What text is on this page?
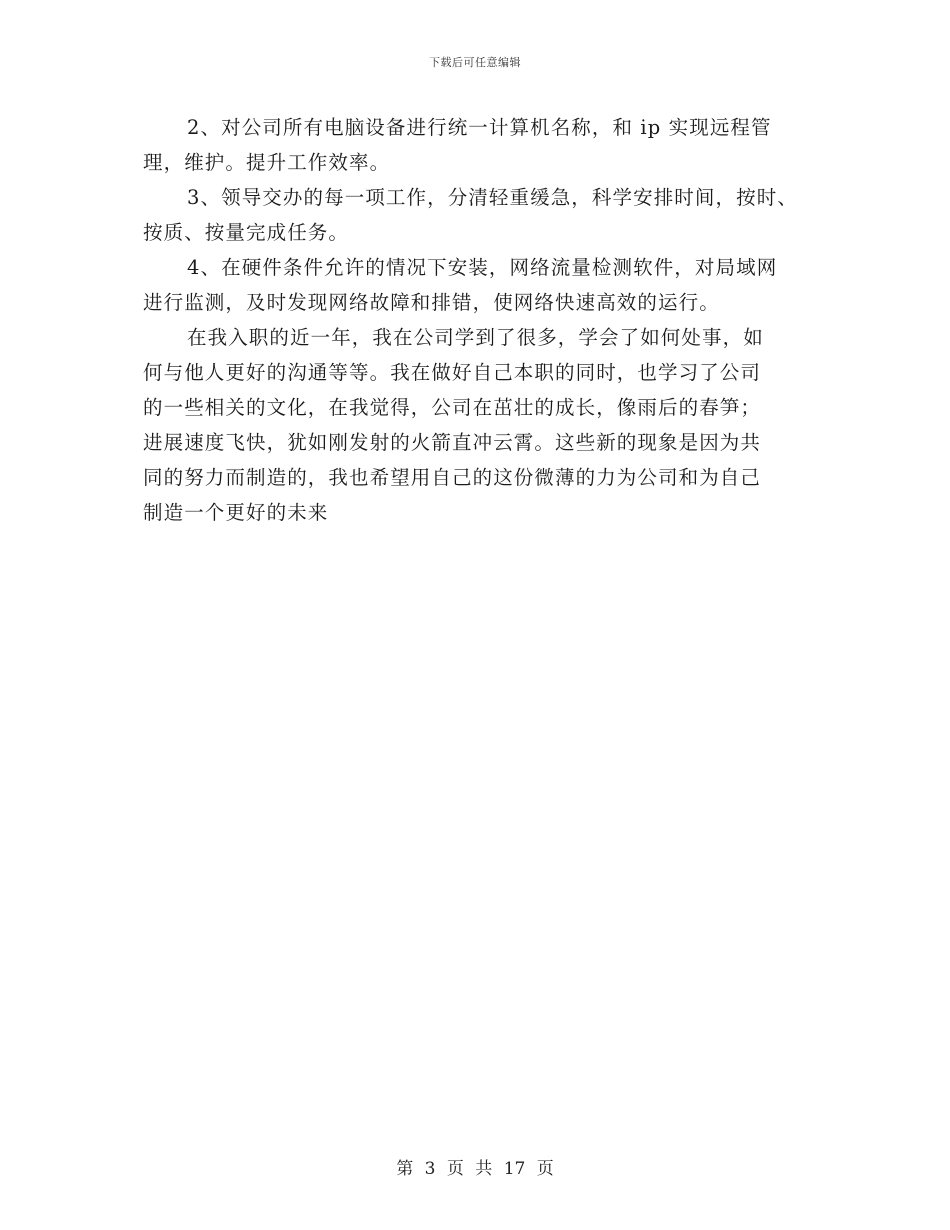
下载后可任意编辑
2、对公司所有电脑设备进行统一计算机名称，和 ip 实现远程管
理，维护。提升工作效率。
3、领导交办的每一项工作，分清轻重缓急，科学安排时间，按时、
按质、按量完成任务。
4、在硬件条件允许的情况下安装，网络流量检测软件，对局域网
进行监测，及时发现网络故障和排错，使网络快速高效的运行。
在我入职的近一年，我在公司学到了很多，学会了如何处事，如
何与他人更好的沟通等等。我在做好自己本职的同时，也学习了公司
的一些相关的文化，在我觉得，公司在茁壮的成长，像雨后的春笋；
进展速度飞快，犹如刚发射的火箭直冲云霄。这些新的现象是因为共
同的努力而制造的，我也希望用自己的这份微薄的力为公司和为自己
制造一个更好的未来
第 3 页 共 17 页
